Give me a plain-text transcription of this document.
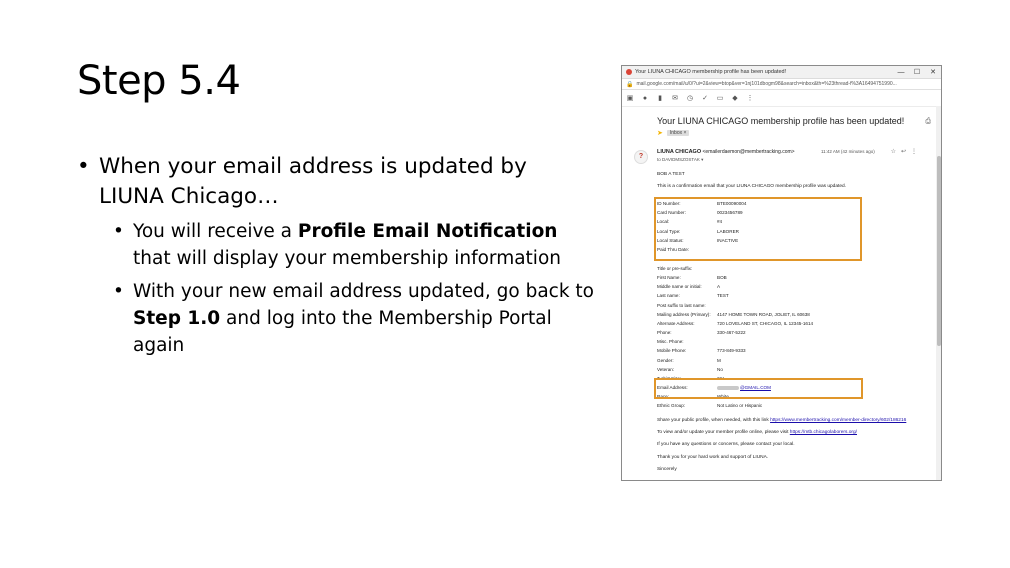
Step 5.4
• When your email address is updated by LIUNA Chicago…
• You will receive a Profile Email Notification that will display your membership information
• With your new email address updated, go back to Step 1.0 and log into the Membership Portal again
Your LIUNA CHICAGO membership profile has been updated!	—	☐	✕
🔒 mail.google.com/mail/u/0/?ui=2&view=btop&ver=1nj101dbogm98&search=inbox&th=%23thread-f%3A16494751990...
▣ ● ▮ ✉ ◷ ✓ ▭ ◆ ⋮
Your LIUNA CHICAGO membership profile has been updated!	⎙
➤	Inbox ×
?
LIUNA CHICAGO <emailerdaemon@membertracking.com>
to DAVIDMSZOSTAK ▾
11:42 AM (42 minutes ago)	☆ ↩ ⋮
BOB A TEST
This is a confirmation email that your LIUNA CHICAGO membership profile was updated.
ID Number:	BTE00090004
Card Number:	0023456789
Local:	#4
Local Type:	LABORER
Local Status:	INACTIVE
Paid Thru Date:
Title or pre-suffix:
First Name:	BOB
Middle name or initial:	A
Last name:	TEST
Post suffix to last name:
Mailing address (Primary): 4147 HOME TOWN ROAD, JOLIET, IL 60638
Alternate Address:	720 LOVELAND ST, CHICAGO, IL 12345-1614
Phone:	330-467-5222
Misc. Phone:
Mobile Phone:	773-849-9333
Gender:	M
Veteran:	No
T-shirt Size:	2XL
Email Address:	@GMAIL.COM
Race:	White
Ethnic Group:	Not Latino or Hispanic
Share your public profile, when needed, with this link https://www.membertracking.com/member-directory/602/186216
To view and/or update your member profile online, please visit https://mtb.chicagolaborers.org/
If you have any questions or concerns, please contact your local.
Thank you for your hard work and support of LIUNA.
Sincerely
